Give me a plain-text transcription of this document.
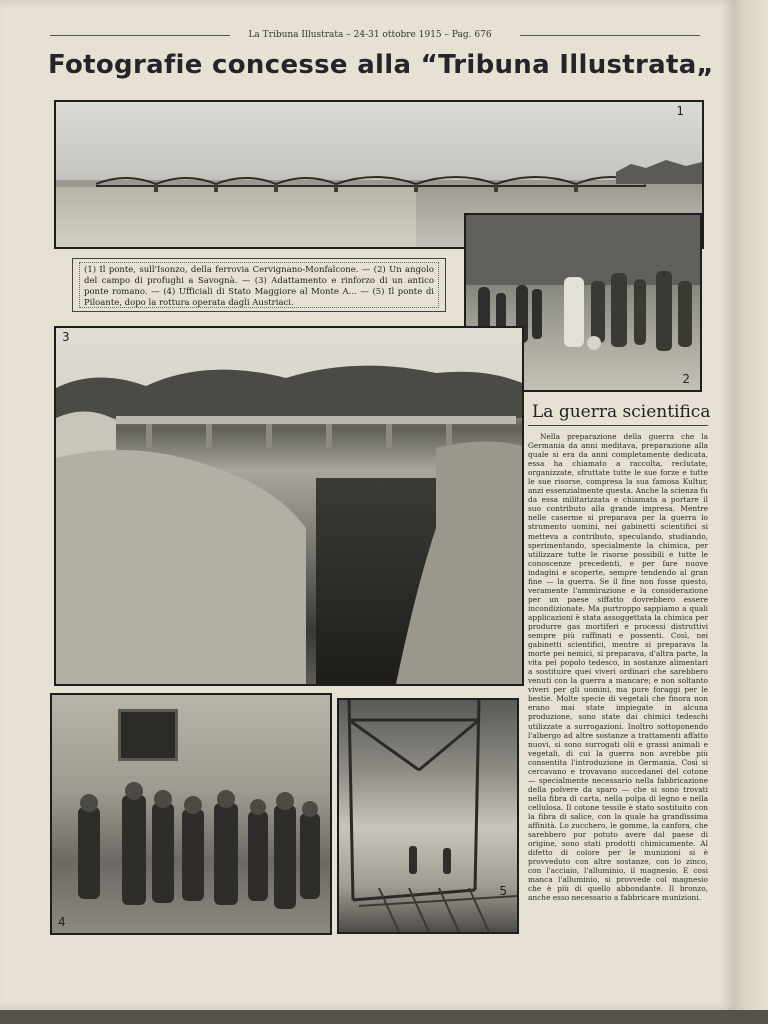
La Tribuna Illustrata – 24-31 ottobre 1915 – Pag. 676
Fotografie concesse alla “Tribuna Illustrata„
1
(1) Il ponte, sull'Isonzo, della ferrovia Cervignano-Monfalcone. — (2) Un angolo del campo di profughi a Savognà. — (3) Adattamento e rinforzo di un antico ponte romano. — (4) Ufficiali di Stato Maggiore al Monte A... — (5) Il ponte di Piloante, dopo la rottura operata dagli Austriaci.
2
3
4
5
La guerra scientifica

Nella preparazione della guerra che la Germania da anni meditava, preparazione alla quale si era da anni completamente dedicata, essa ha chiamato a raccolta, reclutate, organizzate, sfruttate tutte le sue forze e tutte le sue risorse, compresa la sua famosa Kultur, anzi essenzialmente questa. Anche la scienza fu da essa militarizzata e chiamata a portare il suo contributo alla grande impresa. Mentre nelle caserme si preparava per la guerra lo strumento uomini, nei gabinetti scientifici si metteva a contributo, speculando, studiando, sperimentando, specialmente la chimica, per utilizzare tutte le risorse possibili e tutte le conoscenze precedenti, e per fare nuove indagini e scoperte, sempre tendendo al gran fine — la guerra. Se il fine non fosse questo, veramente l'ammirazione e la considerazione per un paese siffatto dovrebbero essere incondizionate. Ma purtroppo sappiamo a quali applicazioni è stata assoggettata la chimica per produrre gas mortiferi e processi distruttivi sempre più raffinati e possenti. Così, nei gabinetti scientifici, mentre si preparava la morte pei nemici, si preparava, d'altra parte, la vita pel popolo tedesco, in sostanze alimentari a sostituire quei viveri ordinari che sarebbero venuti con la guerra a mancare; e non soltanto viveri per gli uomini, ma pure foraggi per le bestie. Molte specie di vegetali che finora non erano mai state impiegate in alcuna produzione, sono state dai chimici tedeschi utilizzate a surrogazioni. Inoltro sottoponendo l'albergo ad altre sostanze a trattamenti affatto nuovi, si sono surrogati olii e grassi animali e vegetali, di cui la guerra non avrebbe più consentita l'introduzione in Germania. Così si cercavano e trovavano succedanei del cotone — specialmente necessario nella fabbricazione della polvere da sparo — che si sono trovati nella fibra di carta, nella polpa di legno e nella cellulosa. Il cotone tessile è stato sostituito con la fibra di salice, con la quale ha grandissima affinità. Lo zucchero, le gomme, la canfora, che sarebbero pur potuto avere dal paese di origine, sono stati prodotti chimicamente. Al difetto di colore per le munizioni si è provveduto con altre sostanze, con lo zinco, con l'acciaio, l'alluminio, il magnesio. E così manca l'alluminio, si provvede col magnesio che è più di quello abbondante. Il bronzo, anche esso necessario a fabbricare munizioni.
